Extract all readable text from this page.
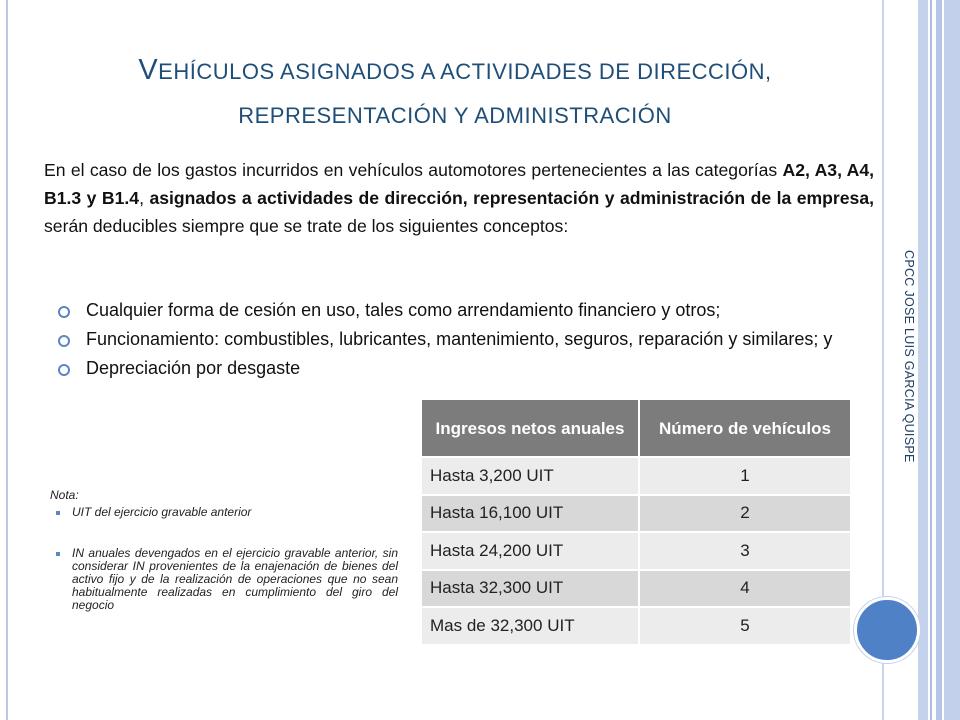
VEHÍCULOS ASIGNADOS A ACTIVIDADES DE DIRECCIÓN,
REPRESENTACIÓN Y ADMINISTRACIÓN
En el caso de los gastos incurridos en vehículos automotores pertenecientes a las categorías A2, A3, A4, B1.3 y B1.4, asignados a actividades de dirección, representación y administración de la empresa, serán deducibles siempre que se trate de los siguientes conceptos:
Cualquier forma de cesión en uso, tales como arrendamiento financiero y otros;
Funcionamiento: combustibles, lubricantes, mantenimiento, seguros, reparación y similares; y
Depreciación por desgaste	CPCC JOSE LUIS GARCIA QUISPE
Nota:
UIT del ejercicio gravable anterior
IN anuales devengados en el ejercicio gravable anterior, sin considerar IN provenientes de la enajenación de bienes del activo fijo y de la realización de operaciones que no sean habitualmente realizadas en cumplimiento del giro del negocio
Ingresos netos anuales	Número de vehículos
Hasta 3,200 UIT	1
Hasta 16,100 UIT	2
Hasta 24,200 UIT	3
Hasta 32,300 UIT	4
Mas de 32,300 UIT	5
